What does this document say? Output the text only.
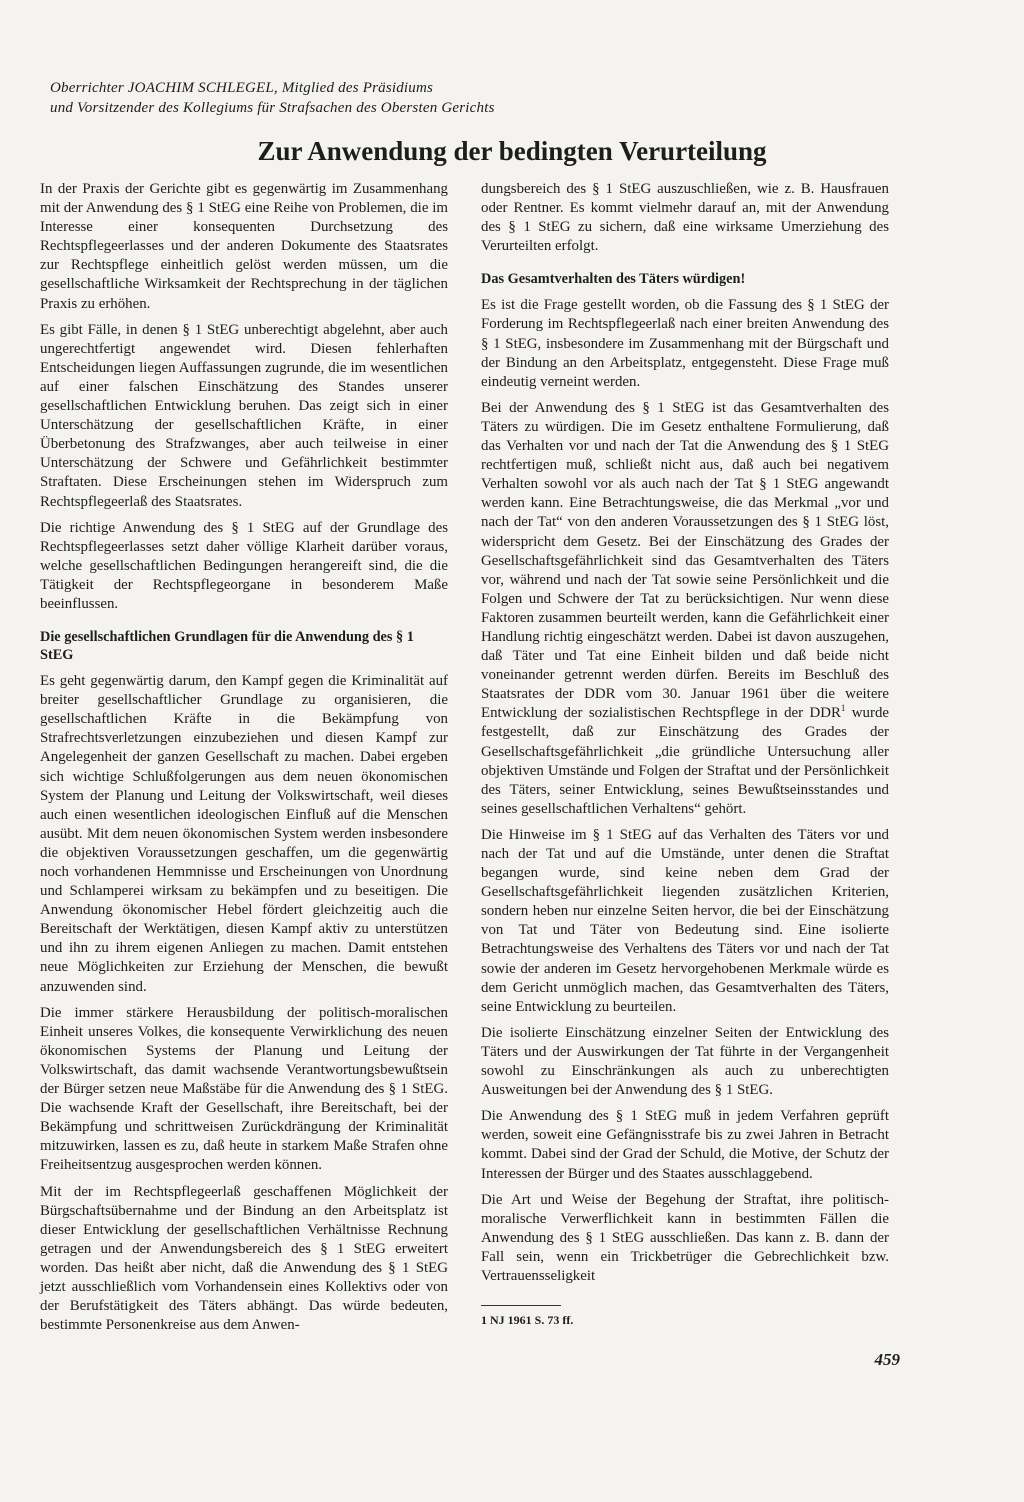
Oberrichter JOACHIM SCHLEGEL, Mitglied des Präsidiums
und Vorsitzender des Kollegiums für Strafsachen des Obersten Gerichts
Zur Anwendung der bedingten Verurteilung

In der Praxis der Gerichte gibt es gegenwärtig im Zusammenhang mit der Anwendung des § 1 StEG eine Reihe von Problemen, die im Interesse einer konsequenten Durchsetzung des Rechtspflegeerlasses und der anderen Dokumente des Staatsrates zur Rechtspflege einheitlich gelöst werden müssen, um die gesellschaftliche Wirksamkeit der Rechtsprechung in der täglichen Praxis zu erhöhen.

Es gibt Fälle, in denen § 1 StEG unberechtigt abgelehnt, aber auch ungerechtfertigt angewendet wird. Diesen fehlerhaften Entscheidungen liegen Auffassungen zugrunde, die im wesentlichen auf einer falschen Einschätzung des Standes unserer gesellschaftlichen Entwicklung beruhen. Das zeigt sich in einer Unterschätzung der gesellschaftlichen Kräfte, in einer Überbetonung des Strafzwanges, aber auch teilweise in einer Unterschätzung der Schwere und Gefährlichkeit bestimmter Straftaten. Diese Erscheinungen stehen im Widerspruch zum Rechtspflegeerlaß des Staatsrates.

Die richtige Anwendung des § 1 StEG auf der Grundlage des Rechtspflegeerlasses setzt daher völlige Klarheit darüber voraus, welche gesellschaftlichen Bedingungen herangereift sind, die die Tätigkeit der Rechtspflegeorgane in besonderem Maße beeinflussen.

Die gesellschaftlichen Grundlagen für die Anwendung des § 1 StEG

Es geht gegenwärtig darum, den Kampf gegen die Kriminalität auf breiter gesellschaftlicher Grundlage zu organisieren, die gesellschaftlichen Kräfte in die Bekämpfung von Strafrechtsverletzungen einzubeziehen und diesen Kampf zur Angelegenheit der ganzen Gesellschaft zu machen. Dabei ergeben sich wichtige Schlußfolgerungen aus dem neuen ökonomischen System der Planung und Leitung der Volkswirtschaft, weil dieses auch einen wesentlichen ideologischen Einfluß auf die Menschen ausübt. Mit dem neuen ökonomischen System werden insbesondere die objektiven Voraussetzungen geschaffen, um die gegenwärtig noch vorhandenen Hemmnisse und Erscheinungen von Unordnung und Schlamperei wirksam zu bekämpfen und zu beseitigen. Die Anwendung ökonomischer Hebel fördert gleichzeitig auch die Bereitschaft der Werktätigen, diesen Kampf aktiv zu unterstützen und ihn zu ihrem eigenen Anliegen zu machen. Damit entstehen neue Möglichkeiten zur Erziehung der Menschen, die bewußt anzuwenden sind.

Die immer stärkere Herausbildung der politisch-moralischen Einheit unseres Volkes, die konsequente Verwirklichung des neuen ökonomischen Systems der Planung und Leitung der Volkswirtschaft, das damit wachsende Verantwortungsbewußtsein der Bürger setzen neue Maßstäbe für die Anwendung des § 1 StEG. Die wachsende Kraft der Gesellschaft, ihre Bereitschaft, bei der Bekämpfung und schrittweisen Zurückdrängung der Kriminalität mitzuwirken, lassen es zu, daß heute in starkem Maße Strafen ohne Freiheitsentzug ausgesprochen werden können.

Mit der im Rechtspflegeerlaß geschaffenen Möglichkeit der Bürgschaftsübernahme und der Bindung an den Arbeitsplatz ist dieser Entwicklung der gesellschaftlichen Verhältnisse Rechnung getragen und der Anwendungsbereich des § 1 StEG erweitert worden. Das heißt aber nicht, daß die Anwendung des § 1 StEG jetzt ausschließlich vom Vorhandensein eines Kollektivs oder von der Berufstätigkeit des Täters abhängt. Das würde bedeuten, bestimmte Personenkreise aus dem Anwen-

dungsbereich des § 1 StEG auszuschließen, wie z. B. Hausfrauen oder Rentner. Es kommt vielmehr darauf an, mit der Anwendung des § 1 StEG zu sichern, daß eine wirksame Umerziehung des Verurteilten erfolgt.

Das Gesamtverhalten des Täters würdigen!

Es ist die Frage gestellt worden, ob die Fassung des § 1 StEG der Forderung im Rechtspflegeerlaß nach einer breiten Anwendung des § 1 StEG, insbesondere im Zusammenhang mit der Bürgschaft und der Bindung an den Arbeitsplatz, entgegensteht. Diese Frage muß eindeutig verneint werden.

Bei der Anwendung des § 1 StEG ist das Gesamtverhalten des Täters zu würdigen. Die im Gesetz enthaltene Formulierung, daß das Verhalten vor und nach der Tat die Anwendung des § 1 StEG rechtfertigen muß, schließt nicht aus, daß auch bei negativem Verhalten sowohl vor als auch nach der Tat § 1 StEG angewandt werden kann. Eine Betrachtungsweise, die das Merkmal „vor und nach der Tat“ von den anderen Voraussetzungen des § 1 StEG löst, widerspricht dem Gesetz. Bei der Einschätzung des Grades der Gesellschaftsgefährlichkeit sind das Gesamtverhalten des Täters vor, während und nach der Tat sowie seine Persönlichkeit und die Folgen und Schwere der Tat zu berücksichtigen. Nur wenn diese Faktoren zusammen beurteilt werden, kann die Gefährlichkeit einer Handlung richtig eingeschätzt werden. Dabei ist davon auszugehen, daß Täter und Tat eine Einheit bilden und daß beide nicht voneinander getrennt werden dürfen. Bereits im Beschluß des Staatsrates der DDR vom 30. Januar 1961 über die weitere Entwicklung der sozialistischen Rechtspflege in der DDR$^1$ wurde festgestellt, daß zur Einschätzung des Grades der Gesellschaftsgefährlichkeit „die gründliche Untersuchung aller objektiven Umstände und Folgen der Straftat und der Persönlichkeit des Täters, seiner Entwicklung, seines Bewußtseinsstandes und seines gesellschaftlichen Verhaltens“ gehört.

Die Hinweise im § 1 StEG auf das Verhalten des Täters vor und nach der Tat und auf die Umstände, unter denen die Straftat begangen wurde, sind keine neben dem Grad der Gesellschaftsgefährlichkeit liegenden zusätzlichen Kriterien, sondern heben nur einzelne Seiten hervor, die bei der Einschätzung von Tat und Täter von Bedeutung sind. Eine isolierte Betrachtungsweise des Verhaltens des Täters vor und nach der Tat sowie der anderen im Gesetz hervorgehobenen Merkmale würde es dem Gericht unmöglich machen, das Gesamtverhalten des Täters, seine Entwicklung zu beurteilen.

Die isolierte Einschätzung einzelner Seiten der Entwicklung des Täters und der Auswirkungen der Tat führte in der Vergangenheit sowohl zu Einschränkungen als auch zu unberechtigten Ausweitungen bei der Anwendung des § 1 StEG.

Die Anwendung des § 1 StEG muß in jedem Verfahren geprüft werden, soweit eine Gefängnisstrafe bis zu zwei Jahren in Betracht kommt. Dabei sind der Grad der Schuld, die Motive, der Schutz der Interessen der Bürger und des Staates ausschlaggebend.

Die Art und Weise der Begehung der Straftat, ihre politisch-moralische Verwerflichkeit kann in bestimmten Fällen die Anwendung des § 1 StEG ausschließen. Das kann z. B. dann der Fall sein, wenn ein Trickbetrüger die Gebrechlichkeit bzw. Vertrauensseligkeit

1 NJ 1961 S. 73 ff.
459
